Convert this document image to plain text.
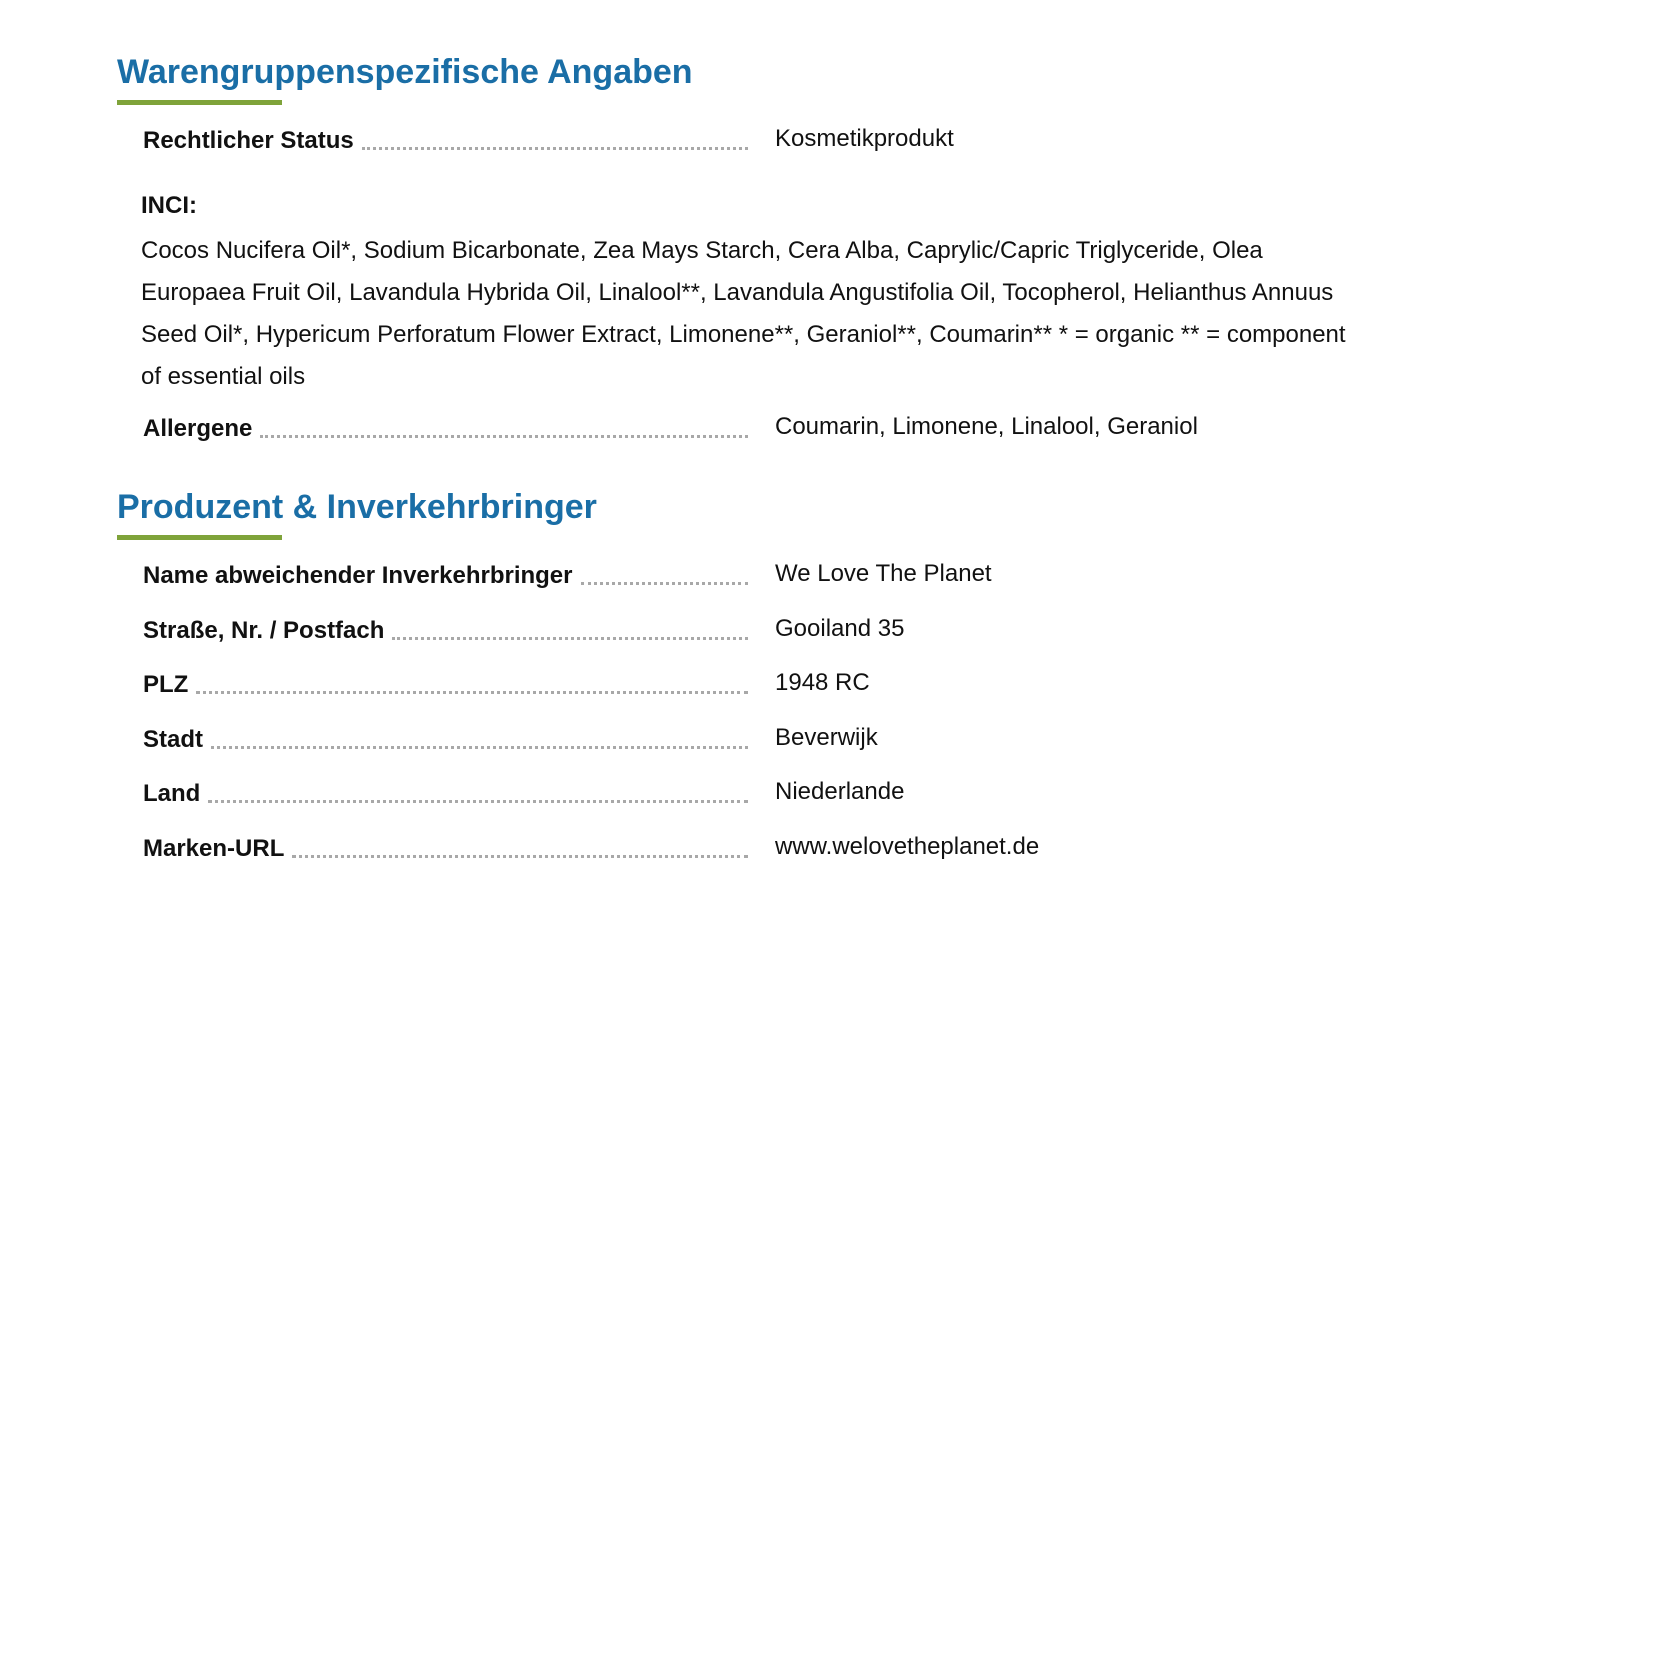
Warengruppenspezifische Angaben
Rechtlicher Status	Kosmetikprodukt
INCI:

Cocos Nucifera Oil*, Sodium Bicarbonate, Zea Mays Starch, Cera Alba, Caprylic/Capric Triglyceride, Olea Europaea Fruit Oil, Lavandula Hybrida Oil, Linalool**, Lavandula Angustifolia Oil, Tocopherol, Helianthus Annuus Seed Oil*, Hypericum Perforatum Flower Extract, Limonene**, Geraniol**, Coumarin** * = organic ** = component of essential oils

Allergene	Coumarin, Limonene, Linalool, Geraniol
Produzent & Inverkehrbringer
Name abweichender Inverkehrbringer	We Love The Planet
Straße, Nr. / Postfach	Gooiland 35
PLZ	1948 RC
Stadt	Beverwijk
Land	Niederlande
Marken-URL	www.welovetheplanet.de
